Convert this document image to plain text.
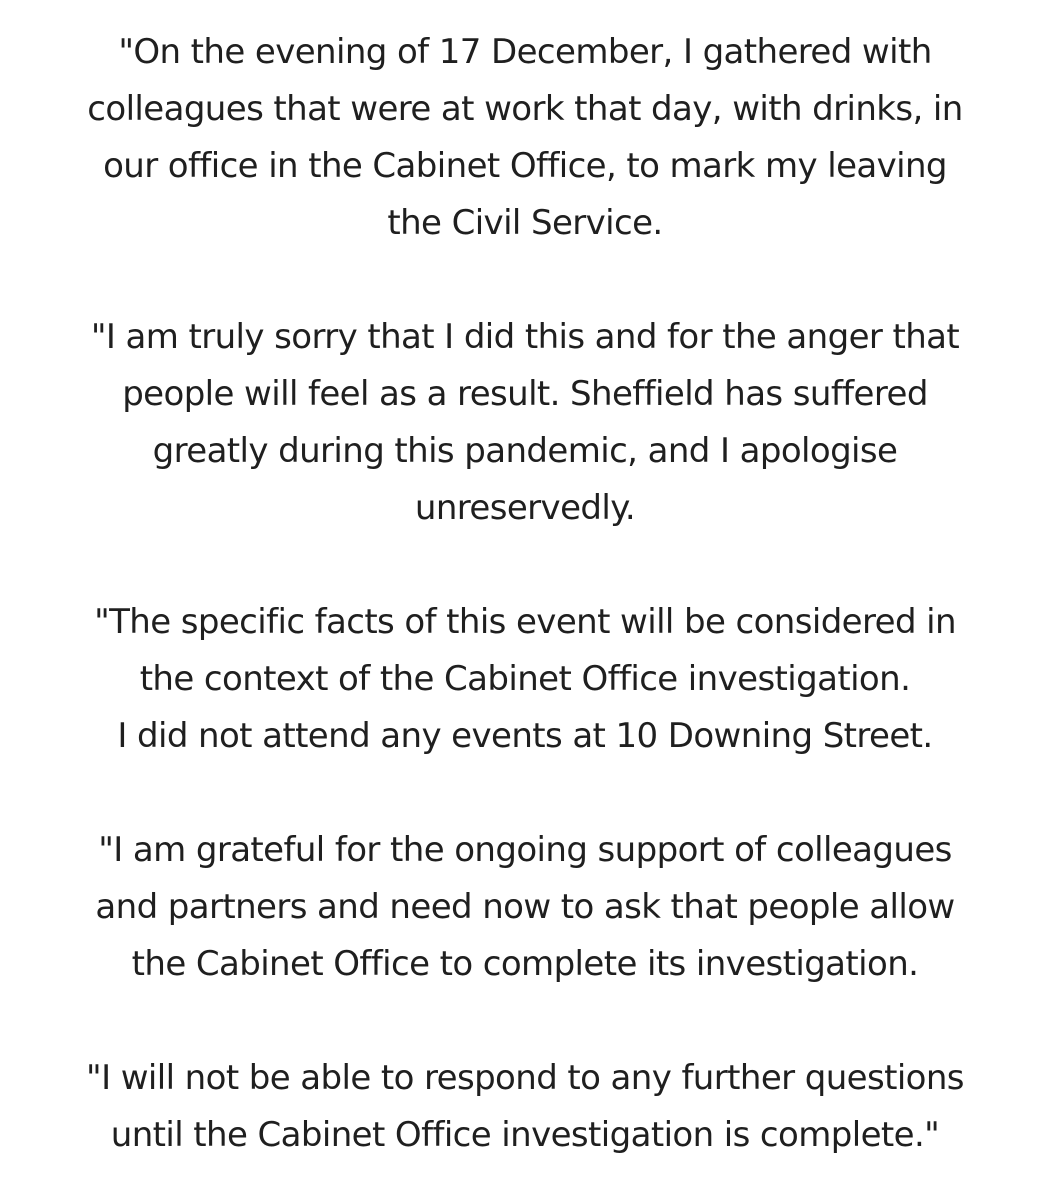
"On the evening of 17 December, I gathered with
colleagues that were at work that day, with drinks, in
our office in the Cabinet Office, to mark my leaving
the Civil Service.

"I am truly sorry that I did this and for the anger that
people will feel as a result. Sheffield has suffered
greatly during this pandemic, and I apologise
unreservedly.

"The specific facts of this event will be considered in
the context of the Cabinet Office investigation.
I did not attend any events at 10 Downing Street.

"I am grateful for the ongoing support of colleagues
and partners and need now to ask that people allow
the Cabinet Office to complete its investigation.

"I will not be able to respond to any further questions
until the Cabinet Office investigation is complete."
